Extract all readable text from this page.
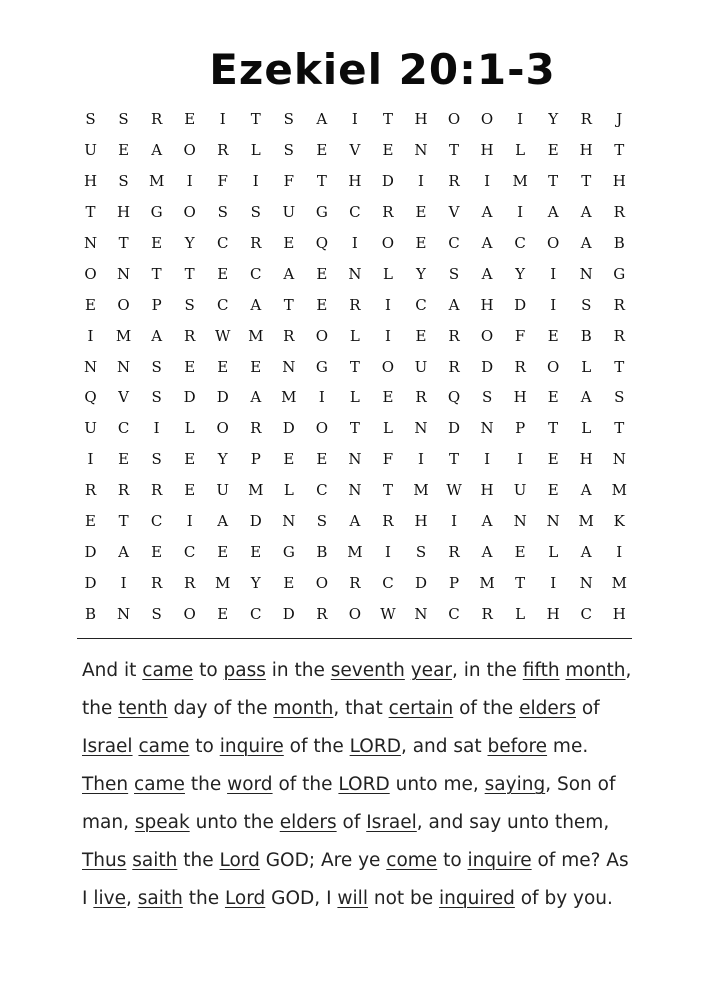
Ezekiel 20:1-3
S	S	R	E	I	T	S	A	I	T	H	O	O	I	Y	R	J
U	E	A	O	R	L	S	E	V	E	N	T	H	L	E	H	T
H	S	M	I	F	I	F	T	H	D	I	R	I	M	T	T	H
T	H	G	O	S	S	U	G	C	R	E	V	A	I	A	A	R
N	T	E	Y	C	R	E	Q	I	O	E	C	A	C	O	A	B
O	N	T	T	E	C	A	E	N	L	Y	S	A	Y	I	N	G
E	O	P	S	C	A	T	E	R	I	C	A	H	D	I	S	R
I	M	A	R	W	M	R	O	L	I	E	R	O	F	E	B	R
N	N	S	E	E	E	N	G	T	O	U	R	D	R	O	L	T
Q	V	S	D	D	A	M	I	L	E	R	Q	S	H	E	A	S
U	C	I	L	O	R	D	O	T	L	N	D	N	P	T	L	T
I	E	S	E	Y	P	E	E	N	F	I	T	I	I	E	H	N
R	R	R	E	U	M	L	C	N	T	M	W	H	U	E	A	M
E	T	C	I	A	D	N	S	A	R	H	I	A	N	N	M	K
D	A	E	C	E	E	G	B	M	I	S	R	A	E	L	A	I
D	I	R	R	M	Y	E	O	R	C	D	P	M	T	I	N	M
B	N	S	O	E	C	D	R	O	W	N	C	R	L	H	C	H
And it came to pass in the seventh year, in the fifth month,
the tenth day of the month, that certain of the elders of
Israel came to inquire of the LORD, and sat before me.
Then came the word of the LORD unto me, saying, Son of
man, speak unto the elders of Israel, and say unto them,
Thus saith the Lord GOD; Are ye come to inquire of me? As
I live, saith the Lord GOD, I will not be inquired of by you.
